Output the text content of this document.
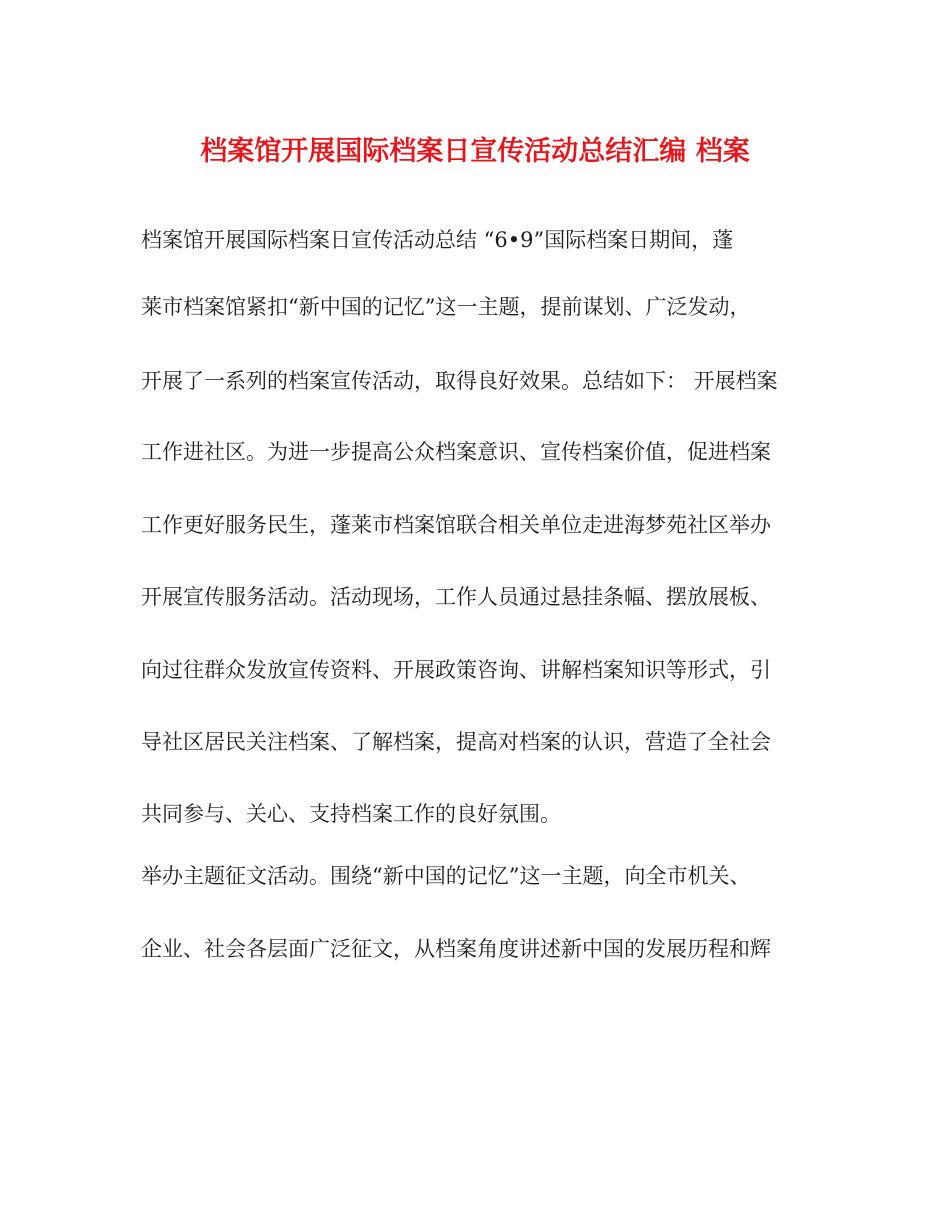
档案馆开展国际档案日宣传活动总结汇编 档案
档案馆开展国际档案日宣传活动总结 “6•9”国际档案日期间，蓬
莱市档案馆紧扣“新中国的记忆”这一主题，提前谋划、广泛发动，
开展了一系列的档案宣传活动，取得良好效果。总结如下： 开展档案
工作进社区。为进一步提高公众档案意识、宣传档案价值，促进档案
工作更好服务民生，蓬莱市档案馆联合相关单位走进海梦苑社区举办
开展宣传服务活动。活动现场，工作人员通过悬挂条幅、摆放展板、
向过往群众发放宣传资料、开展政策咨询、讲解档案知识等形式，引
导社区居民关注档案、了解档案，提高对档案的认识，营造了全社会
共同参与、关心、支持档案工作的良好氛围。
举办主题征文活动。围绕“新中国的记忆”这一主题，向全市机关、
企业、社会各层面广泛征文，从档案角度讲述新中国的发展历程和辉
